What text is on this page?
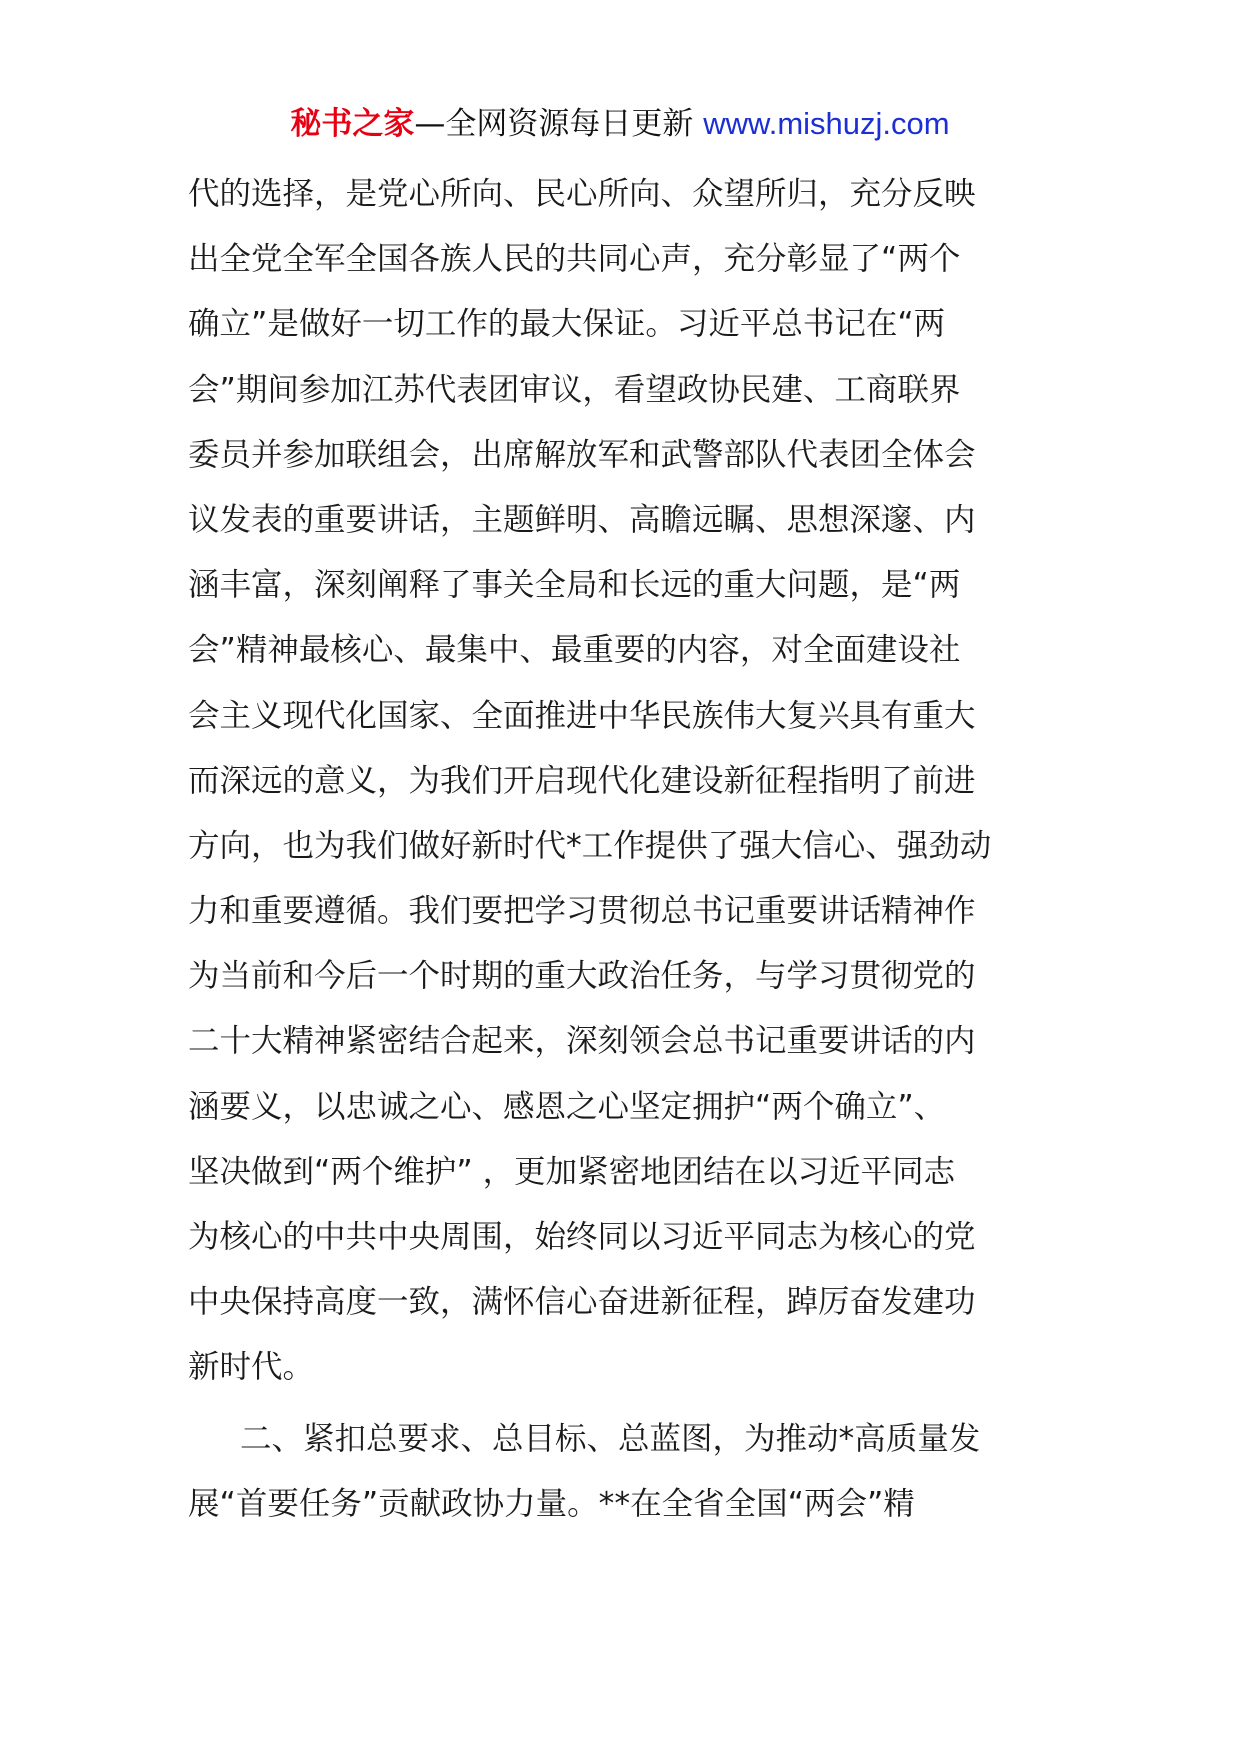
秘书之家—全网资源每日更新 www.mishuzj.com
代的选择，是党心所向、民心所向、众望所归，充分反映
出全党全军全国各族人民的共同心声，充分彰显了“两个
确立”是做好一切工作的最大保证。习近平总书记在“两
会”期间参加江苏代表团审议，看望政协民建、工商联界
委员并参加联组会，出席解放军和武警部队代表团全体会
议发表的重要讲话，主题鲜明、高瞻远瞩、思想深邃、内
涵丰富，深刻阐释了事关全局和长远的重大问题，是“两
会”精神最核心、最集中、最重要的内容，对全面建设社
会主义现代化国家、全面推进中华民族伟大复兴具有重大
而深远的意义，为我们开启现代化建设新征程指明了前进
方向，也为我们做好新时代*工作提供了强大信心、强劲动
力和重要遵循。我们要把学习贯彻总书记重要讲话精神作
为当前和今后一个时期的重大政治任务，与学习贯彻党的
二十大精神紧密结合起来，深刻领会总书记重要讲话的内
涵要义，以忠诚之心、感恩之心坚定拥护“两个确立”、
坚决做到“两个维护” ，更加紧密地团结在以习近平同志
为核心的中共中央周围，始终同以习近平同志为核心的党
中央保持高度一致，满怀信心奋进新征程，踔厉奋发建功
新时代。
二、紧扣总要求、总目标、总蓝图，为推动*高质量发
展“首要任务”贡献政协力量。**在全省全国“两会”精
